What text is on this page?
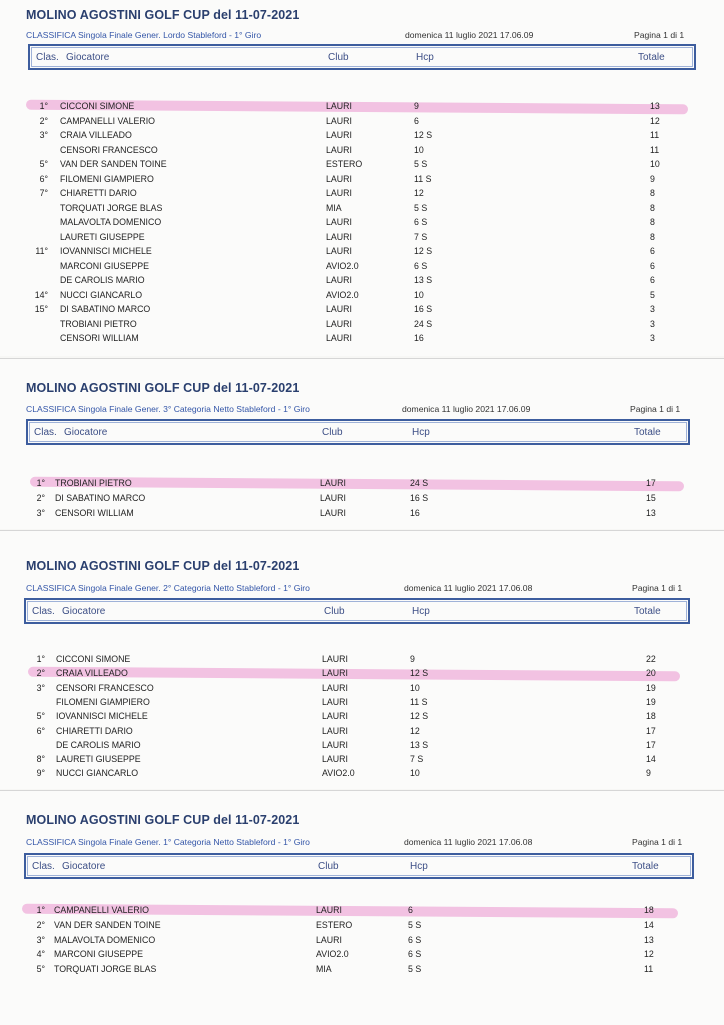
MOLINO AGOSTINI GOLF CUP del 11-07-2021
CLASSIFICA Singola Finale Gener. Lordo Stableford - 1° Giro	domenica 11 luglio 2021 17.06.09	Pagina 1 di 1
Clas. Giocatore	Club	Hcp	Totale
1° CICCONI SIMONE	LAURI	9	13
2° CAMPANELLI VALERIO	LAURI	6	12
3° CRAIA VILLEADO	LAURI	12 S	11
CENSORI FRANCESCO	LAURI	10	11
5° VAN DER SANDEN TOINE	ESTERO	5 S	10
6° FILOMENI GIAMPIERO	LAURI	11 S	9
7° CHIARETTI DARIO	LAURI	12	8
TORQUATI JORGE BLAS	MIA	5 S	8
MALAVOLTA DOMENICO	LAURI	6 S	8
LAURETI GIUSEPPE	LAURI	7 S	8
11° IOVANNISCI MICHELE	LAURI	12 S	6
MARCONI GIUSEPPE	AVIO2.0	6 S	6
DE CAROLIS MARIO	LAURI	13 S	6
14° NUCCI GIANCARLO	AVIO2.0	10	5
15° DI SABATINO MARCO	LAURI	16 S	3
TROBIANI PIETRO	LAURI	24 S	3
CENSORI WILLIAM	LAURI	16	3
MOLINO AGOSTINI GOLF CUP del 11-07-2021
CLASSIFICA Singola Finale Gener. 3° Categoria Netto Stableford - 1° Giro	domenica 11 luglio 2021 17.06.09	Pagina 1 di 1
Clas. Giocatore	Club	Hcp	Totale
1° TROBIANI PIETRO	LAURI	24 S	17
2° DI SABATINO MARCO	LAURI	16 S	15
3° CENSORI WILLIAM	LAURI	16	13
MOLINO AGOSTINI GOLF CUP del 11-07-2021
CLASSIFICA Singola Finale Gener. 2° Categoria Netto Stableford - 1° Giro	domenica 11 luglio 2021 17.06.08	Pagina 1 di 1
Clas. Giocatore	Club	Hcp	Totale
1° CICCONI SIMONE	LAURI	9	22
2° CRAIA VILLEADO	LAURI	12 S	20
3° CENSORI FRANCESCO	LAURI	10	19
FILOMENI GIAMPIERO	LAURI	11 S	19
5° IOVANNISCI MICHELE	LAURI	12 S	18
6° CHIARETTI DARIO	LAURI	12	17
DE CAROLIS MARIO	LAURI	13 S	17
8° LAURETI GIUSEPPE	LAURI	7 S	14
9° NUCCI GIANCARLO	AVIO2.0	10	9
MOLINO AGOSTINI GOLF CUP del 11-07-2021
CLASSIFICA Singola Finale Gener. 1° Categoria Netto Stableford - 1° Giro	domenica 11 luglio 2021 17.06.08	Pagina 1 di 1
Clas. Giocatore	Club	Hcp	Totale
1° CAMPANELLI VALERIO	LAURI	6	18
2° VAN DER SANDEN TOINE	ESTERO	5 S	14
3° MALAVOLTA DOMENICO	LAURI	6 S	13
4° MARCONI GIUSEPPE	AVIO2.0	6 S	12
5° TORQUATI JORGE BLAS	MIA	5 S	11
